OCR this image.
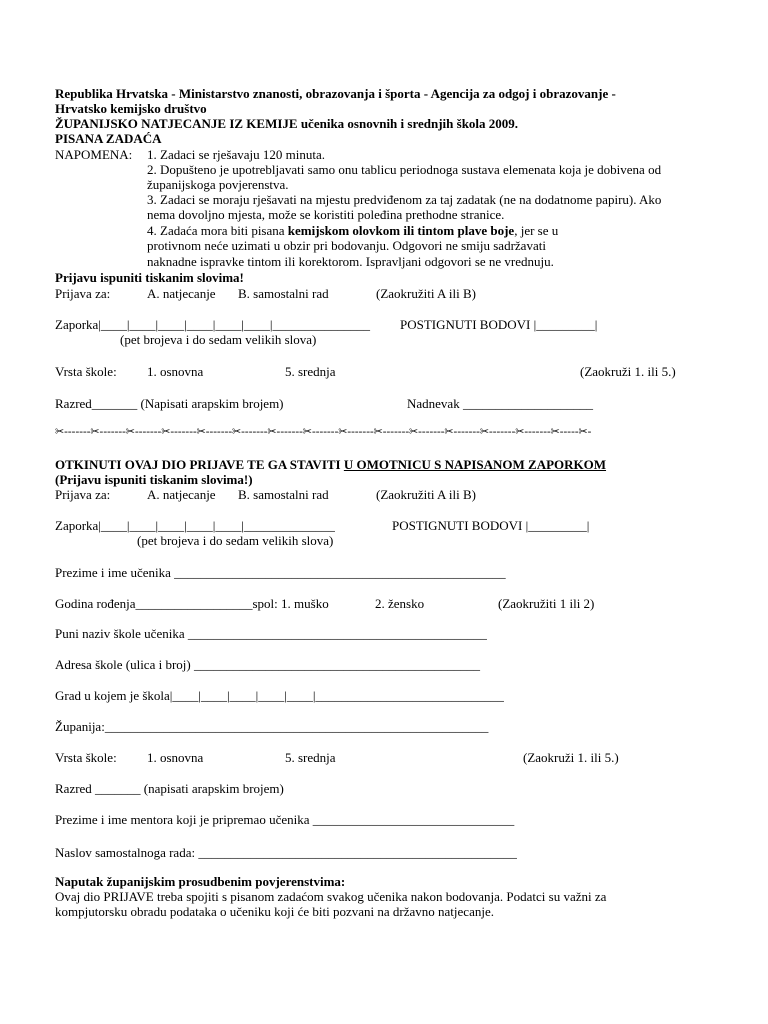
Republika Hrvatska - Ministarstvo znanosti, obrazovanja i športa - Agencija za odgoj i obrazovanje -
Hrvatsko kemijsko društvo
ŽUPANIJSKO NATJECANJE IZ KEMIJE učenika osnovnih i srednjih škola 2009.
PISANA ZADAĆA
NAPOMENA: 1. Zadaci se rješavaju 120 minuta.
2. Dopušteno je upotrebljavati samo onu tablicu periodnoga sustava elemenata koja je dobivena od
županijskoga povjerenstva.
3. Zadaci se moraju rješavati na mjestu predviđenom za taj zadatak (ne na dodatnome papiru). Ako
nema dovoljno mjesta, može se koristiti poleđina prethodne stranice.
4. Zadaća mora biti pisana kemijskom olovkom ili tintom plave boje, jer se u
protivnom neće uzimati u obzir pri bodovanju. Odgovori ne smiju sadržavati
naknadne ispravke tintom ili korektorom. Ispravljani odgovori se ne vrednuju.
Prijavu ispuniti tiskanim slovima!
Prijava za:	A. natjecanje B. samostalni rad	(Zaokružiti A ili B)
Zaporka|____|____|____|____|____|____|_______________ POSTIGNUTI BODOVI |_________|
(pet brojeva i do sedam velikih slova)
Vrsta škole: 1. osnovna	5. srednja	(Zaokruži 1. ili 5.)
Razred_______ (Napisati arapskim brojem)	Nadnevak ____________________
✂-------✂-------✂-------✂-------✂-------✂-------✂-------✂-------✂-------✂-------✂-------✂-------✂-------✂-------✂-----✂-
OTKINUTI OVAJ DIO PRIJAVE TE GA STAVITI U OMOTNICU S NAPISANOM ZAPORKOM
(Prijavu ispuniti tiskanim slovima!)
Prijava za:	A. natjecanje B. samostalni rad	(Zaokružiti A ili B)
Zaporka|____|____|____|____|____|______________	POSTIGNUTI BODOVI |_________|
(pet brojeva i do sedam velikih slova)
Prezime i ime učenika ___________________________________________________
Godina rođenja__________________spol: 1. muško	2. žensko	(Zaokružiti 1 ili 2)
Puni naziv škole učenika ______________________________________________
Adresa škole (ulica i broj) ____________________________________________
Grad u kojem je škola|____|____|____|____|____|_____________________________
Županija:___________________________________________________________
Vrsta škole: 1. osnovna	5. srednja	(Zaokruži 1. ili 5.)
Razred _______ (napisati arapskim brojem)
Prezime i ime mentora koji je pripremao učenika _______________________________
Naslov samostalnoga rada: _________________________________________________
Naputak županijskim prosudbenim povjerenstvima:
Ovaj dio PRIJAVE treba spojiti s pisanom zadaćom svakog učenika nakon bodovanja. Podatci su važni za
kompjutorsku obradu podataka o učeniku koji će biti pozvani na državno natjecanje.
